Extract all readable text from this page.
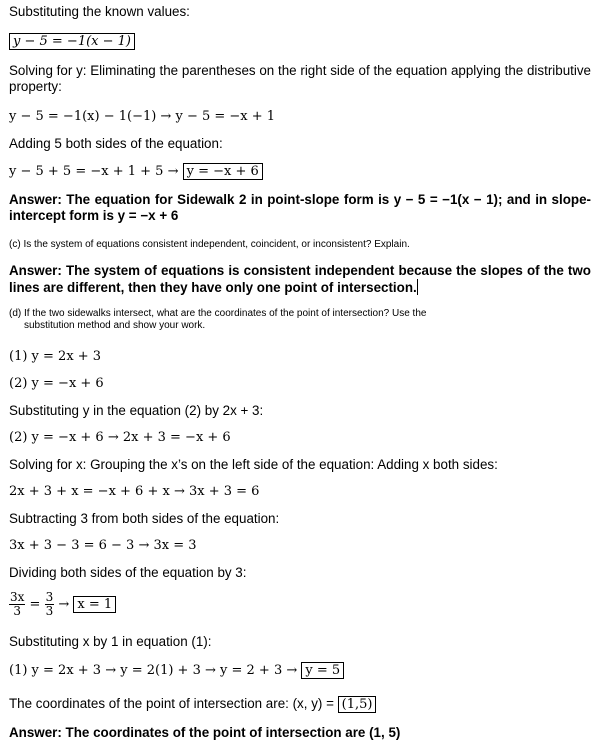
Substituting the known values:
y − 5 = −1(x − 1)
Solving for y: Eliminating the parentheses on the right side of the equation applying the distributive property:
y − 5 = −1(x) − 1(−1) → y − 5 = −x + 1
Adding 5 both sides of the equation:
y − 5 + 5 = −x + 1 + 5 → y = −x + 6
Answer: The equation for Sidewalk 2 in point-slope form is y − 5 = −1(x − 1); and in slope-intercept form is y = −x + 6
(c) Is the system of equations consistent independent, coincident, or inconsistent? Explain.
Answer: The system of equations is consistent independent because the slopes of the two lines are different, then they have only one point of intersection.
(d) If the two sidewalks intersect, what are the coordinates of the point of intersection? Use the
substitution method and show your work.
(1) y = 2x + 3
(2) y = −x + 6
Substituting y in the equation (2) by 2x + 3:
(2) y = −x + 6 → 2x + 3 = −x + 6
Solving for x: Grouping the x’s on the left side of the equation: Adding x both sides:
2x + 3 + x = −x + 6 + x → 3x + 3 = 6
Subtracting 3 from both sides of the equation:
3x + 3 − 3 = 6 − 3 → 3x = 3
Dividing both sides of the equation by 3:
$\frac{3x}{3} = \frac{3}{3} \to x = 1$
Substituting x by 1 in equation (1):
(1) y = 2x + 3 → y = 2(1) + 3 → y = 2 + 3 → y = 5
The coordinates of the point of intersection are: (x, y) = (1,5)
Answer: The coordinates of the point of intersection are (1, 5)
